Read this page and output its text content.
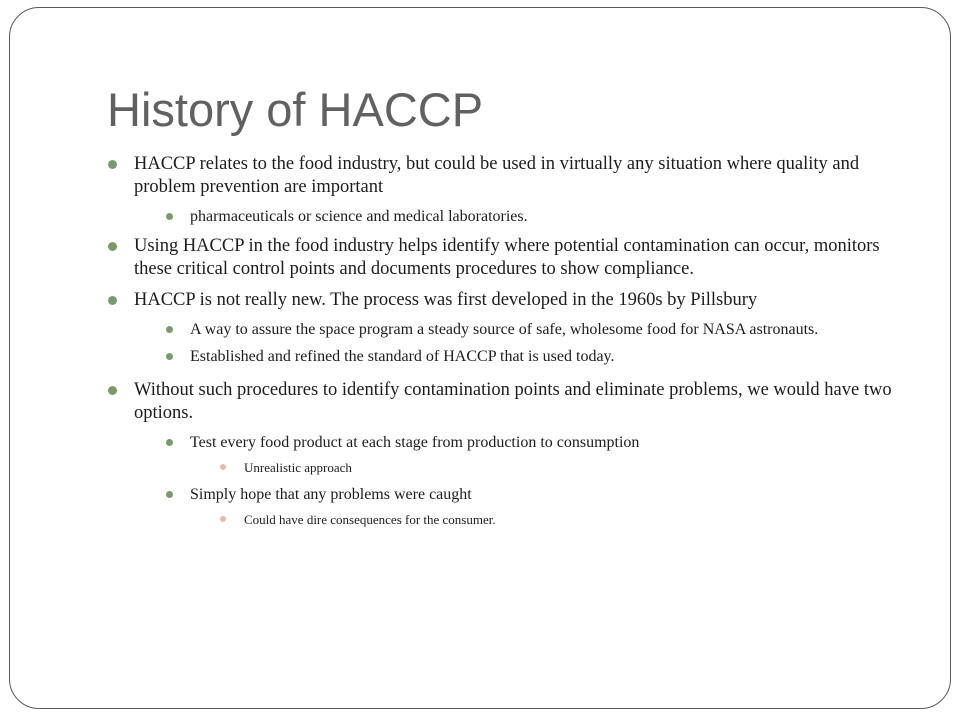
History of HACCP
HACCP relates to the food industry, but could be used in virtually any situation where quality and problem prevention are important
pharmaceuticals or science and medical laboratories.
Using HACCP in the food industry helps identify where potential contamination can occur, monitors these critical control points and documents procedures to show compliance.
HACCP is not really new. The process was first developed in the 1960s by Pillsbury
A way to assure the space program a steady source of safe, wholesome food for NASA astronauts.
Established and refined the standard of HACCP that is used today.
Without such procedures to identify contamination points and eliminate problems, we would have two options.
Test every food product at each stage from production to consumption
Unrealistic approach
Simply hope that any problems were caught
Could have dire consequences for the consumer.
